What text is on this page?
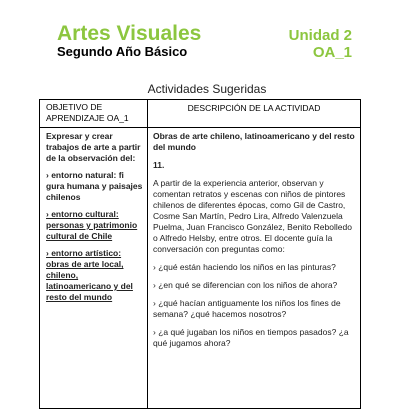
Artes Visuales
Segundo Año Básico
Unidad 2
OA_1
Actividades Sugeridas
OBJETIVO DE APRENDIZAJE OA_1
DESCRIPCIÓN DE LA ACTIVIDAD

Expresar y crear trabajos de arte a partir de la observación del:

› entorno natural: fi gura humana y paisajes chilenos

› entorno cultural: personas y patrimonio cultural de Chile

› entorno artístico: obras de arte local, chileno, latinoamericano y del resto del mundo

Obras de arte chileno, latinoamericano y del resto del mundo

11.

A partir de la experiencia anterior, observan y comentan retratos y escenas con niños de pintores chilenos de diferentes épocas, como Gil de Castro, Cosme San Martín, Pedro Lira, Alfredo Valenzuela Puelma, Juan Francisco González, Benito Rebolledo o Alfredo Helsby, entre otros. El docente guía la conversación con preguntas como:

› ¿qué están haciendo los niños en las pinturas?

› ¿en qué se diferencian con los niños de ahora?

› ¿qué hacían antiguamente los niños los fines de semana? ¿qué hacemos nosotros?

› ¿a qué jugaban los niños en tiempos pasados? ¿a qué jugamos ahora?
